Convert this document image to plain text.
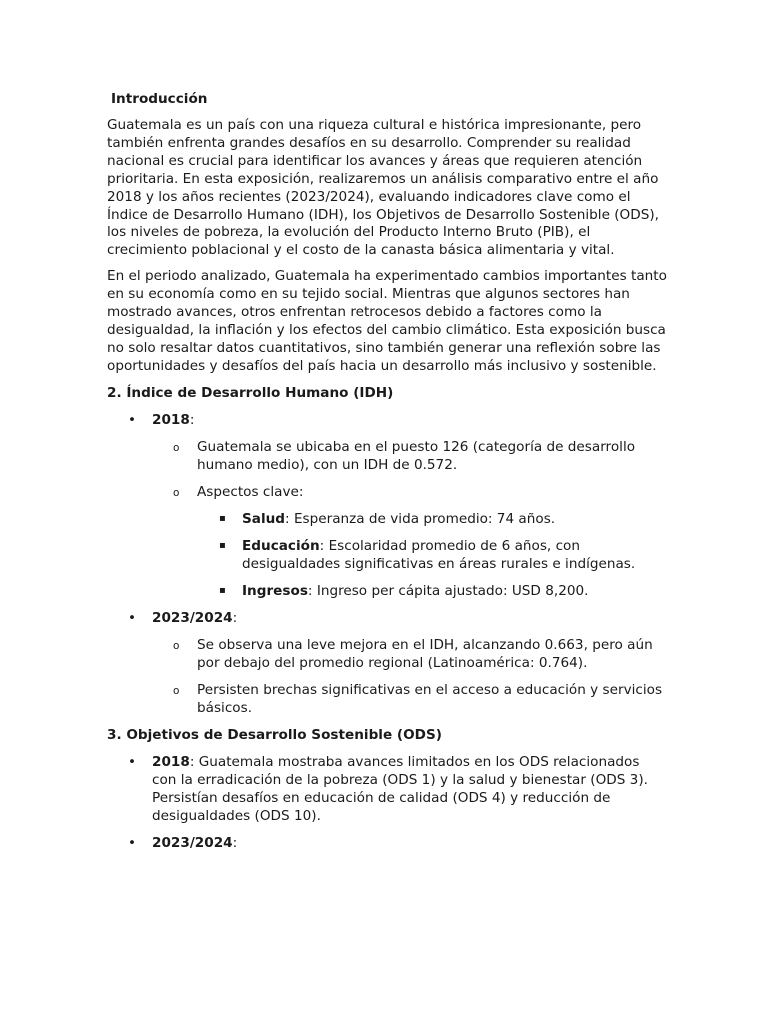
Introducción

Guatemala es un país con una riqueza cultural e histórica impresionante, pero también enfrenta grandes desafíos en su desarrollo. Comprender su realidad nacional es crucial para identificar los avances y áreas que requieren atención prioritaria. En esta exposición, realizaremos un análisis comparativo entre el año 2018 y los años recientes (2023/2024), evaluando indicadores clave como el Índice de Desarrollo Humano (IDH), los Objetivos de Desarrollo Sostenible (ODS), los niveles de pobreza, la evolución del Producto Interno Bruto (PIB), el crecimiento poblacional y el costo de la canasta básica alimentaria y vital.

En el periodo analizado, Guatemala ha experimentado cambios importantes tanto en su economía como en su tejido social. Mientras que algunos sectores han mostrado avances, otros enfrentan retrocesos debido a factores como la desigualdad, la inflación y los efectos del cambio climático. Esta exposición busca no solo resaltar datos cuantitativos, sino también generar una reflexión sobre las oportunidades y desafíos del país hacia un desarrollo más inclusivo y sostenible.

2. Índice de Desarrollo Humano (IDH)
• 2018:
o Guatemala se ubicaba en el puesto 126 (categoría de desarrollo humano medio), con un IDH de 0.572.
o Aspectos clave:
▪ Salud: Esperanza de vida promedio: 74 años.
▪ Educación: Escolaridad promedio de 6 años, con desigualdades significativas en áreas rurales e indígenas.
▪ Ingresos: Ingreso per cápita ajustado: USD 8,200.
• 2023/2024:
o Se observa una leve mejora en el IDH, alcanzando 0.663, pero aún por debajo del promedio regional (Latinoamérica: 0.764).
o Persisten brechas significativas en el acceso a educación y servicios básicos.
3. Objetivos de Desarrollo Sostenible (ODS)
• 2018: Guatemala mostraba avances limitados en los ODS relacionados con la erradicación de la pobreza (ODS 1) y la salud y bienestar (ODS 3). Persistían desafíos en educación de calidad (ODS 4) y reducción de desigualdades (ODS 10).
• 2023/2024:
